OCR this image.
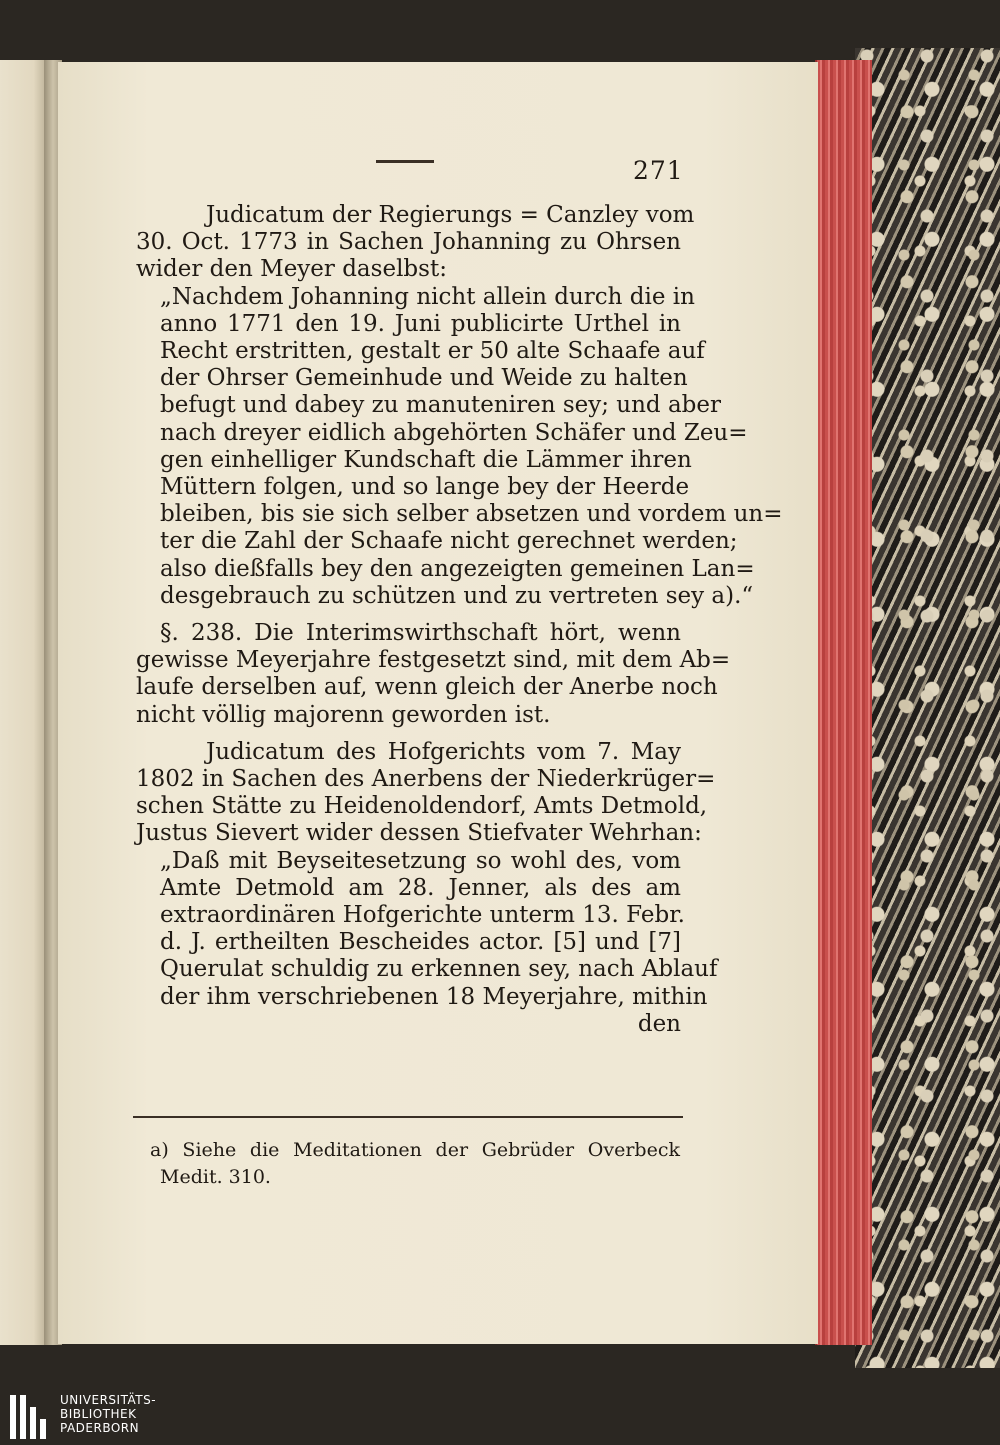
271
Judicatum der Regierungs = Canzley vom
30. Oct. 1773 in Sachen Johanning zu Ohrsen
wider den Meyer daselbst:
„Nachdem Johanning nicht allein durch die in
anno 1771 den 19. Juni publicirte Urthel in
Recht erstritten, gestalt er 50 alte Schaafe auf
der Ohrser Gemeinhude und Weide zu halten
befugt und dabey zu manuteniren sey; und aber
nach dreyer eidlich abgehörten Schäfer und Zeu=
gen einhelliger Kundschaft die Lämmer ihren
Müttern folgen, und so lange bey der Heerde
bleiben, bis sie sich selber absetzen und vordem un=
ter die Zahl der Schaafe nicht gerechnet werden;
also dießfalls bey den angezeigten gemeinen Lan=
desgebrauch zu schützen und zu vertreten sey a).“
§. 238. Die Interimswirthschaft hört, wenn
gewisse Meyerjahre festgesetzt sind, mit dem Ab=
laufe derselben auf, wenn gleich der Anerbe noch
nicht völlig majorenn geworden ist.
Judicatum des Hofgerichts vom 7. May
1802 in Sachen des Anerbens der Niederkrüger=
schen Stätte zu Heidenoldendorf, Amts Detmold,
Justus Sievert wider dessen Stiefvater Wehrhan:
„Daß mit Beyseitesetzung so wohl des, vom
Amte Detmold am 28. Jenner, als des am
extraordinären Hofgerichte unterm 13. Febr.
d. J. ertheilten Bescheides actor. [5] und [7]
Querulat schuldig zu erkennen sey, nach Ablauf
der ihm verschriebenen 18 Meyerjahre, mithin
den
a) Siehe die Meditationen der Gebrüder Overbeck
Medit. 310.
UNIVERSITÄTS-
BIBLIOTHEK
PADERBORN
